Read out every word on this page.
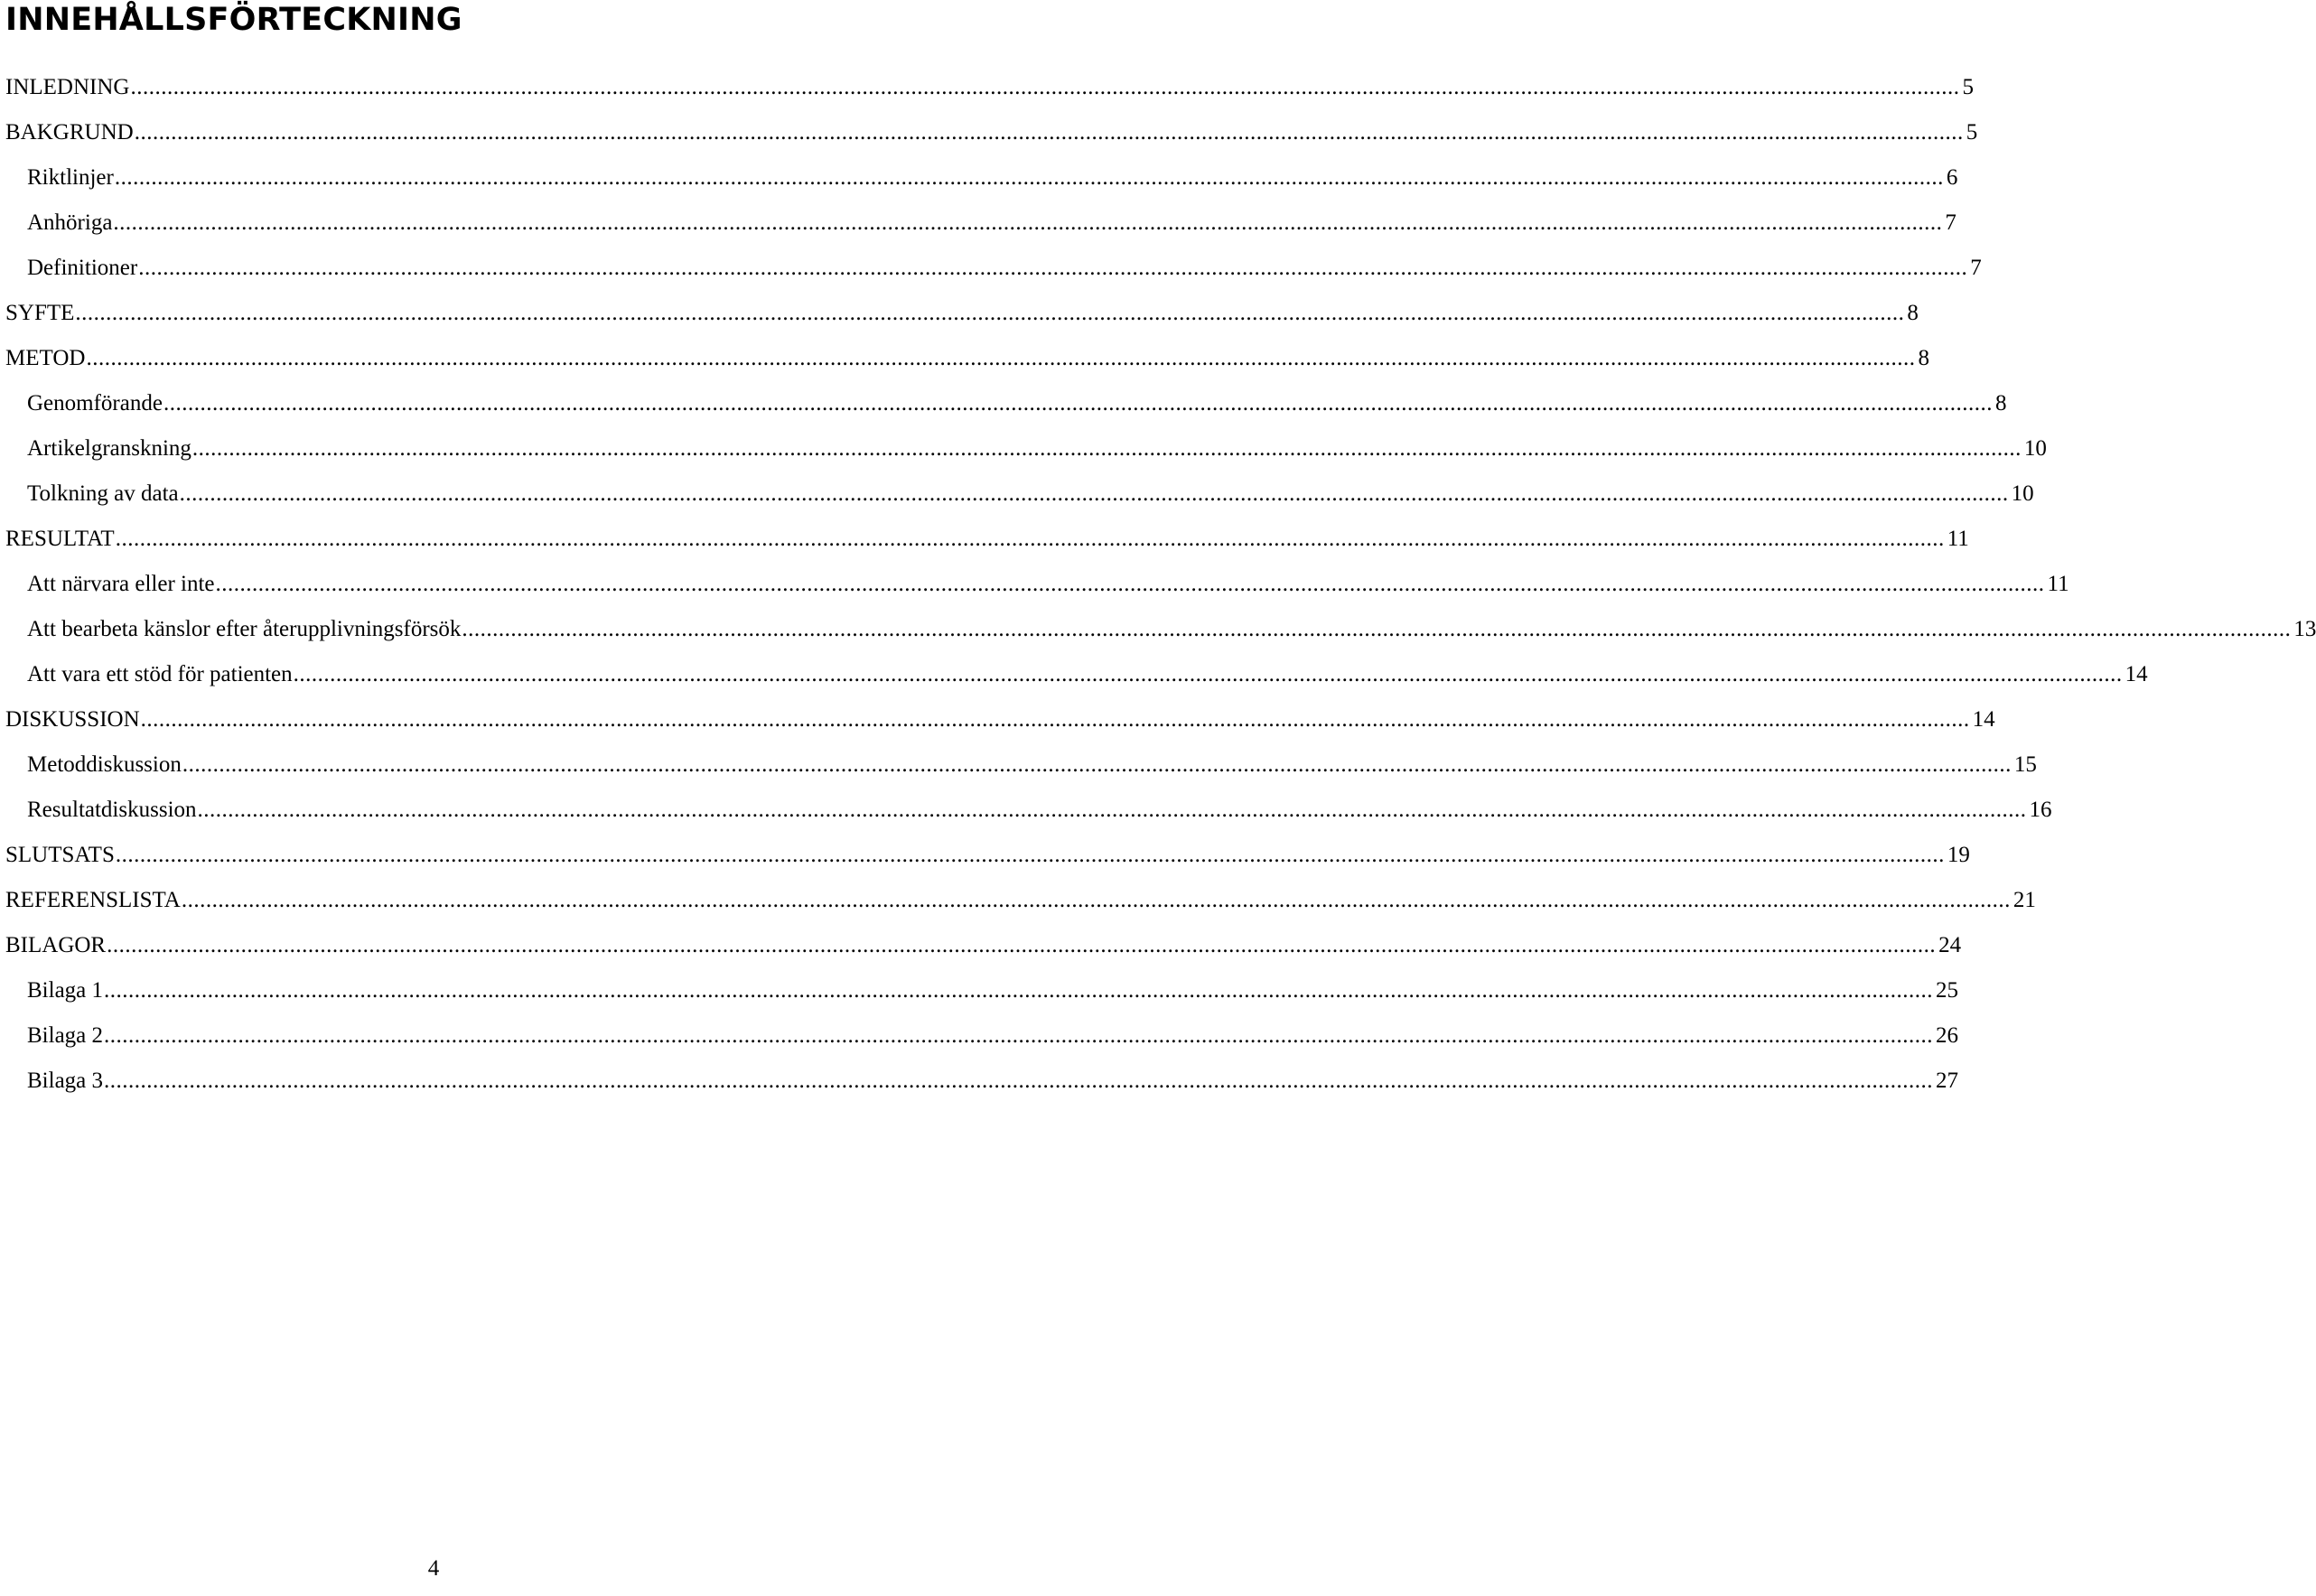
INNEHÅLLSFÖRTECKNING
INLEDNING ............................................................................................................................................................................................................................................................................................................ 5
BAKGRUND ............................................................................................................................................................................................................................................................................................................ 5
Riktlinjer ............................................................................................................................................................................................................................................................................................................ 6
Anhöriga ............................................................................................................................................................................................................................................................................................................ 7
Definitioner ............................................................................................................................................................................................................................................................................................................ 7
SYFTE ............................................................................................................................................................................................................................................................................................................ 8
METOD ............................................................................................................................................................................................................................................................................................................ 8
Genomförande ............................................................................................................................................................................................................................................................................................................ 8
Artikelgranskning ............................................................................................................................................................................................................................................................................................................ 10
Tolkning av data ............................................................................................................................................................................................................................................................................................................ 10
RESULTAT ............................................................................................................................................................................................................................................................................................................ 11
Att närvara eller inte ............................................................................................................................................................................................................................................................................................................ 11
Att bearbeta känslor efter återupplivningsförsök ............................................................................................................................................................................................................................................................................................................ 13
Att vara ett stöd för patienten ............................................................................................................................................................................................................................................................................................................ 14
DISKUSSION ............................................................................................................................................................................................................................................................................................................ 14
Metoddiskussion ............................................................................................................................................................................................................................................................................................................ 15
Resultatdiskussion ............................................................................................................................................................................................................................................................................................................ 16
SLUTSATS ............................................................................................................................................................................................................................................................................................................ 19
REFERENSLISTA ............................................................................................................................................................................................................................................................................................................ 21
BILAGOR ............................................................................................................................................................................................................................................................................................................ 24
Bilaga 1 ............................................................................................................................................................................................................................................................................................................ 25
Bilaga 2 ............................................................................................................................................................................................................................................................................................................ 26
Bilaga 3 ............................................................................................................................................................................................................................................................................................................ 27
4
